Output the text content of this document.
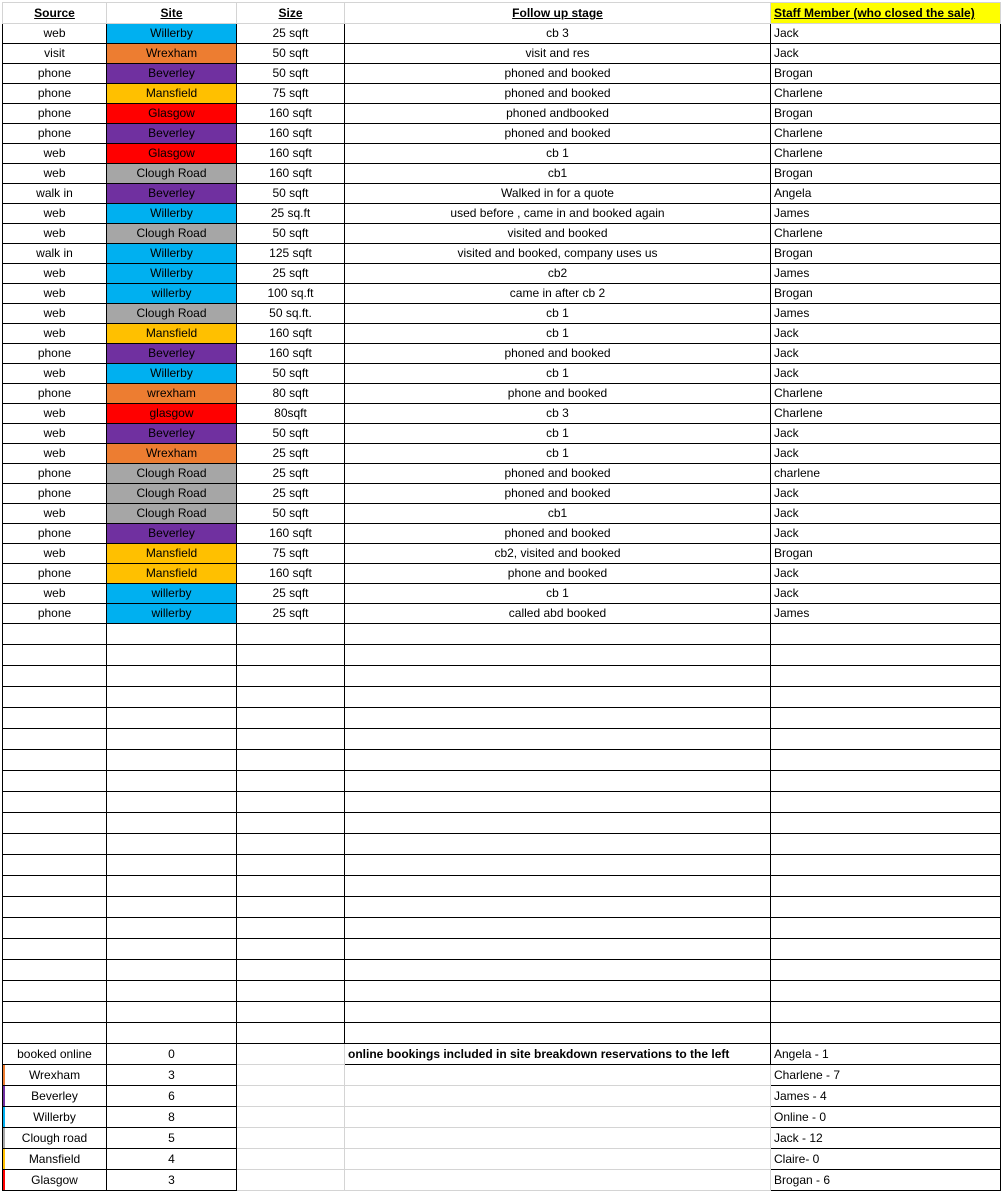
Source	Site	Size	Follow up stage	Staff Member (who closed the sale)
web	Willerby	25 sqft	cb 3	Jack
visit	Wrexham	50 sqft	visit and res	Jack
phone	Beverley	50 sqft	phoned and booked	Brogan
phone	Mansfield	75 sqft	phoned and booked	Charlene
phone	Glasgow	160 sqft	phoned andbooked	Brogan
phone	Beverley	160 sqft	phoned and booked	Charlene
web	Glasgow	160 sqft	cb 1	Charlene
web	Clough Road	160 sqft	cb1	Brogan
walk in	Beverley	50 sqft	Walked in for a quote	Angela
web	Willerby	25 sq.ft	used before , came in and booked again	James
web	Clough Road	50 sqft	visited and booked	Charlene
walk in	Willerby	125 sqft	visited and booked, company uses us	Brogan
web	Willerby	25 sqft	cb2	James
web	willerby	100 sq.ft	came in after cb 2	Brogan
web	Clough Road	50 sq.ft.	cb 1	James
web	Mansfield	160 sqft	cb 1	Jack
phone	Beverley	160 sqft	phoned and booked	Jack
web	Willerby	50 sqft	cb 1	Jack
phone	wrexham	80 sqft	phone and booked	Charlene
web	glasgow	80sqft	cb 3	Charlene
web	Beverley	50 sqft	cb 1	Jack
web	Wrexham	25 sqft	cb 1	Jack
phone	Clough Road	25 sqft	phoned and booked	charlene
phone	Clough Road	25 sqft	phoned and booked	Jack
web	Clough Road	50 sqft	cb1	Jack
phone	Beverley	160 sqft	phoned and booked	Jack
web	Mansfield	75 sqft	cb2, visited and booked	Brogan
phone	Mansfield	160 sqft	phone and booked	Jack
web	willerby	25 sqft	cb 1	Jack
phone	willerby	25 sqft	called abd booked	James

booked online	0		online bookings included in site breakdown reservations to the left	Angela - 1
Wrexham	3			Charlene - 7
Beverley	6			James - 4
Willerby	8			Online - 0
Clough road	5			Jack - 12
Mansfield	4			Claire- 0
Glasgow	3			Brogan - 6
